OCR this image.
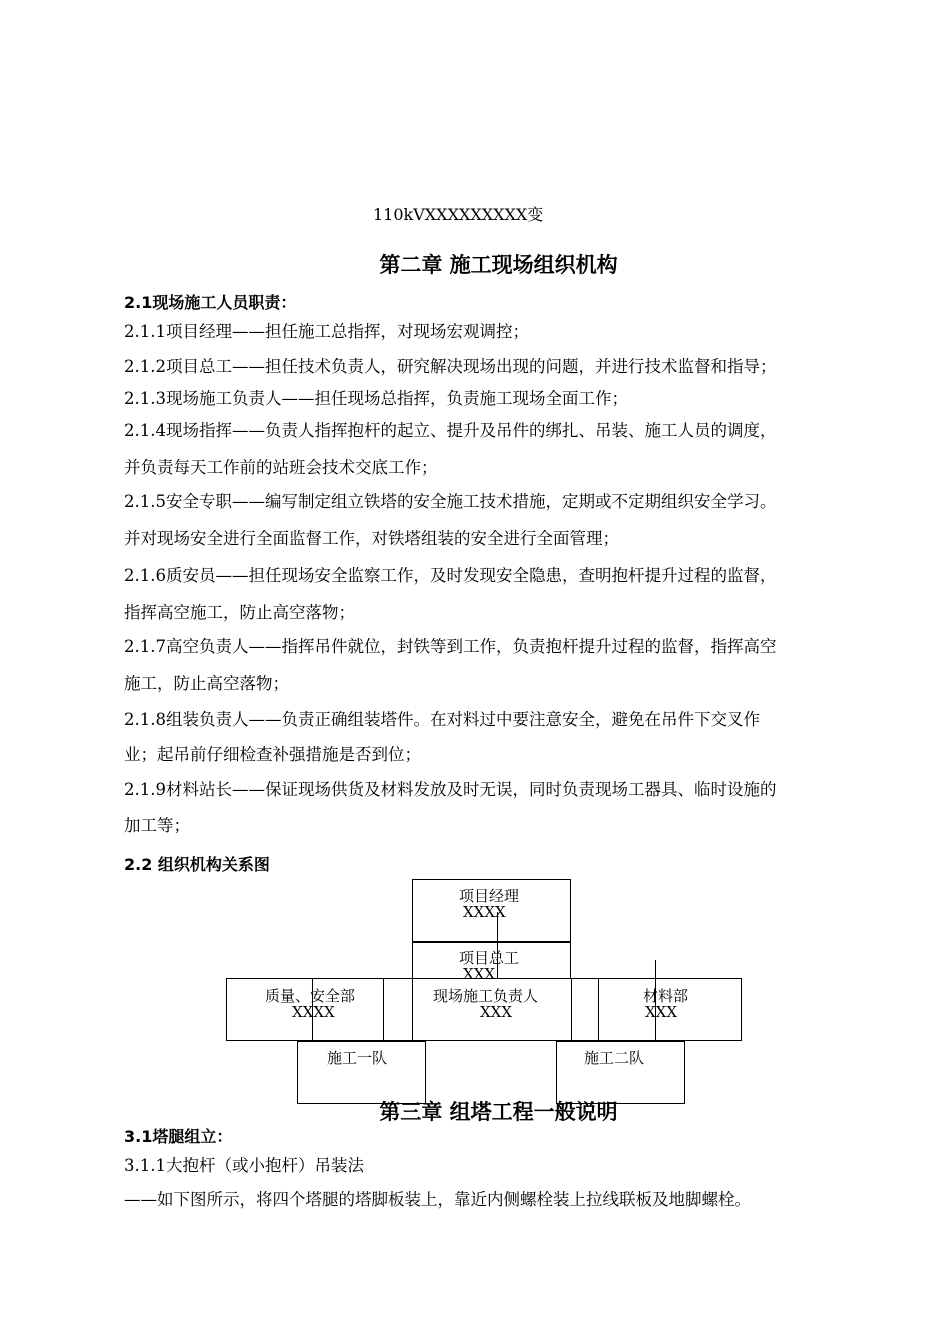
110kVXXXXXXXXX变
第二章 施工现场组织机构
2.1现场施工人员职责：
2.1.1项目经理——担任施工总指挥，对现场宏观调控；
2.1.2项目总工——担任技术负责人，研究解决现场出现的问题，并进行技术监督和指导；
2.1.3现场施工负责人——担任现场总指挥，负责施工现场全面工作；
2.1.4现场指挥——负责人指挥抱杆的起立、提升及吊件的绑扎、吊装、施工人员的调度，
并负责每天工作前的站班会技术交底工作；
2.1.5安全专职——编写制定组立铁塔的安全施工技术措施，定期或不定期组织安全学习。
并对现场安全进行全面监督工作，对铁塔组装的安全进行全面管理；
2.1.6质安员——担任现场安全监察工作，及时发现安全隐患，查明抱杆提升过程的监督，
指挥高空施工，防止高空落物；
2.1.7高空负责人——指挥吊件就位，封铁等到工作，负责抱杆提升过程的监督，指挥高空
施工，防止高空落物；
2.1.8组装负责人——负责正确组装塔件。在对料过中要注意安全，避免在吊件下交叉作
业；起吊前仔细检查补强措施是否到位；
2.1.9材料站长——保证现场供货及材料发放及时无误，同时负责现场工器具、临时设施的
加工等；
2.2 组织机构关系图
项目经理
XXXX
项目总工
XXX
质量、安全部
XXXX
现场施工负责人
XXX
材料部
XXX
施工一队	施工二队
第三章 组塔工程一般说明
3.1塔腿组立：
3.1.1大抱杆（或小抱杆）吊装法
——如下图所示，将四个塔腿的塔脚板装上，靠近内侧螺栓装上拉线联板及地脚螺栓。
